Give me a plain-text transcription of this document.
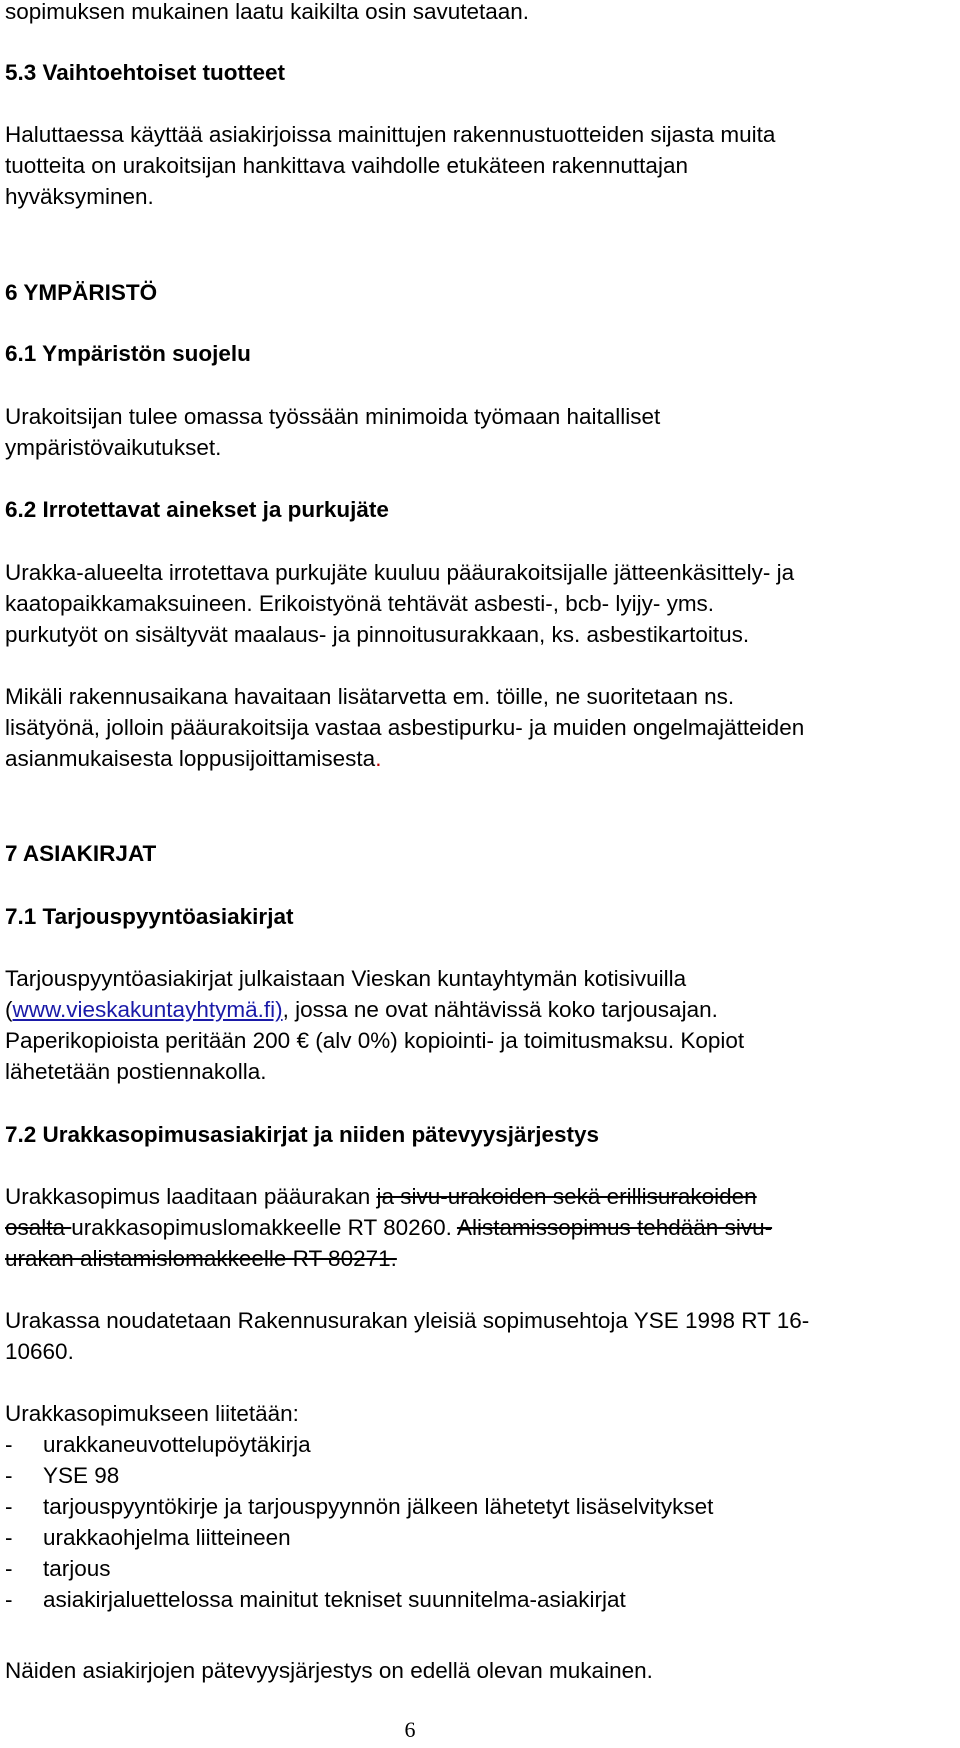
sopimuksen mukainen laatu kaikilta osin savutetaan.
5.3 Vaihtoehtoiset tuotteet
Haluttaessa käyttää asiakirjoissa mainittujen rakennustuotteiden sijasta muita
tuotteita on urakoitsijan hankittava vaihdolle etukäteen rakennuttajan
hyväksyminen.
6 YMPÄRISTÖ
6.1 Ympäristön suojelu
Urakoitsijan tulee omassa työssään minimoida työmaan haitalliset
ympäristövaikutukset.
6.2 Irrotettavat ainekset ja purkujäte
Urakka-alueelta irrotettava purkujäte kuuluu pääurakoitsijalle jätteenkäsittely- ja
kaatopaikkamaksuineen. Erikoistyönä tehtävät asbesti-, bcb- lyijy- yms.
purkutyöt on sisältyvät maalaus- ja pinnoitusurakkaan, ks. asbestikartoitus.
Mikäli rakennusaikana havaitaan lisätarvetta em. töille, ne suoritetaan ns.
lisätyönä, jolloin pääurakoitsija vastaa asbestipurku- ja muiden ongelmajätteiden
asianmukaisesta loppusijoittamisesta.
7 ASIAKIRJAT
7.1 Tarjouspyyntöasiakirjat
Tarjouspyyntöasiakirjat julkaistaan Vieskan kuntayhtymän kotisivuilla
(www.vieskakuntayhtymä.fi), jossa ne ovat nähtävissä koko tarjousajan.
Paperikopioista peritään 200 € (alv 0%) kopiointi- ja toimitusmaksu. Kopiot
lähetetään postiennakolla.
7.2 Urakkasopimusasiakirjat ja niiden pätevyysjärjestys
Urakkasopimus laaditaan pääurakan ja sivu-urakoiden sekä erillisurakoiden
osalta urakkasopimuslomakkeelle RT 80260. Alistamissopimus tehdään sivu-
urakan alistamislomakkeelle RT 80271.
Urakassa noudatetaan Rakennusurakan yleisiä sopimusehtoja YSE 1998 RT 16-
10660.
Urakkasopimukseen liitetään:
- urakkaneuvottelupöytäkirja
- YSE 98
- tarjouspyyntökirje ja tarjouspyynnön jälkeen lähetetyt lisäselvitykset
- urakkaohjelma liitteineen
- tarjous
- asiakirjaluettelossa mainitut tekniset suunnitelma-asiakirjat
Näiden asiakirjojen pätevyysjärjestys on edellä olevan mukainen.
6
